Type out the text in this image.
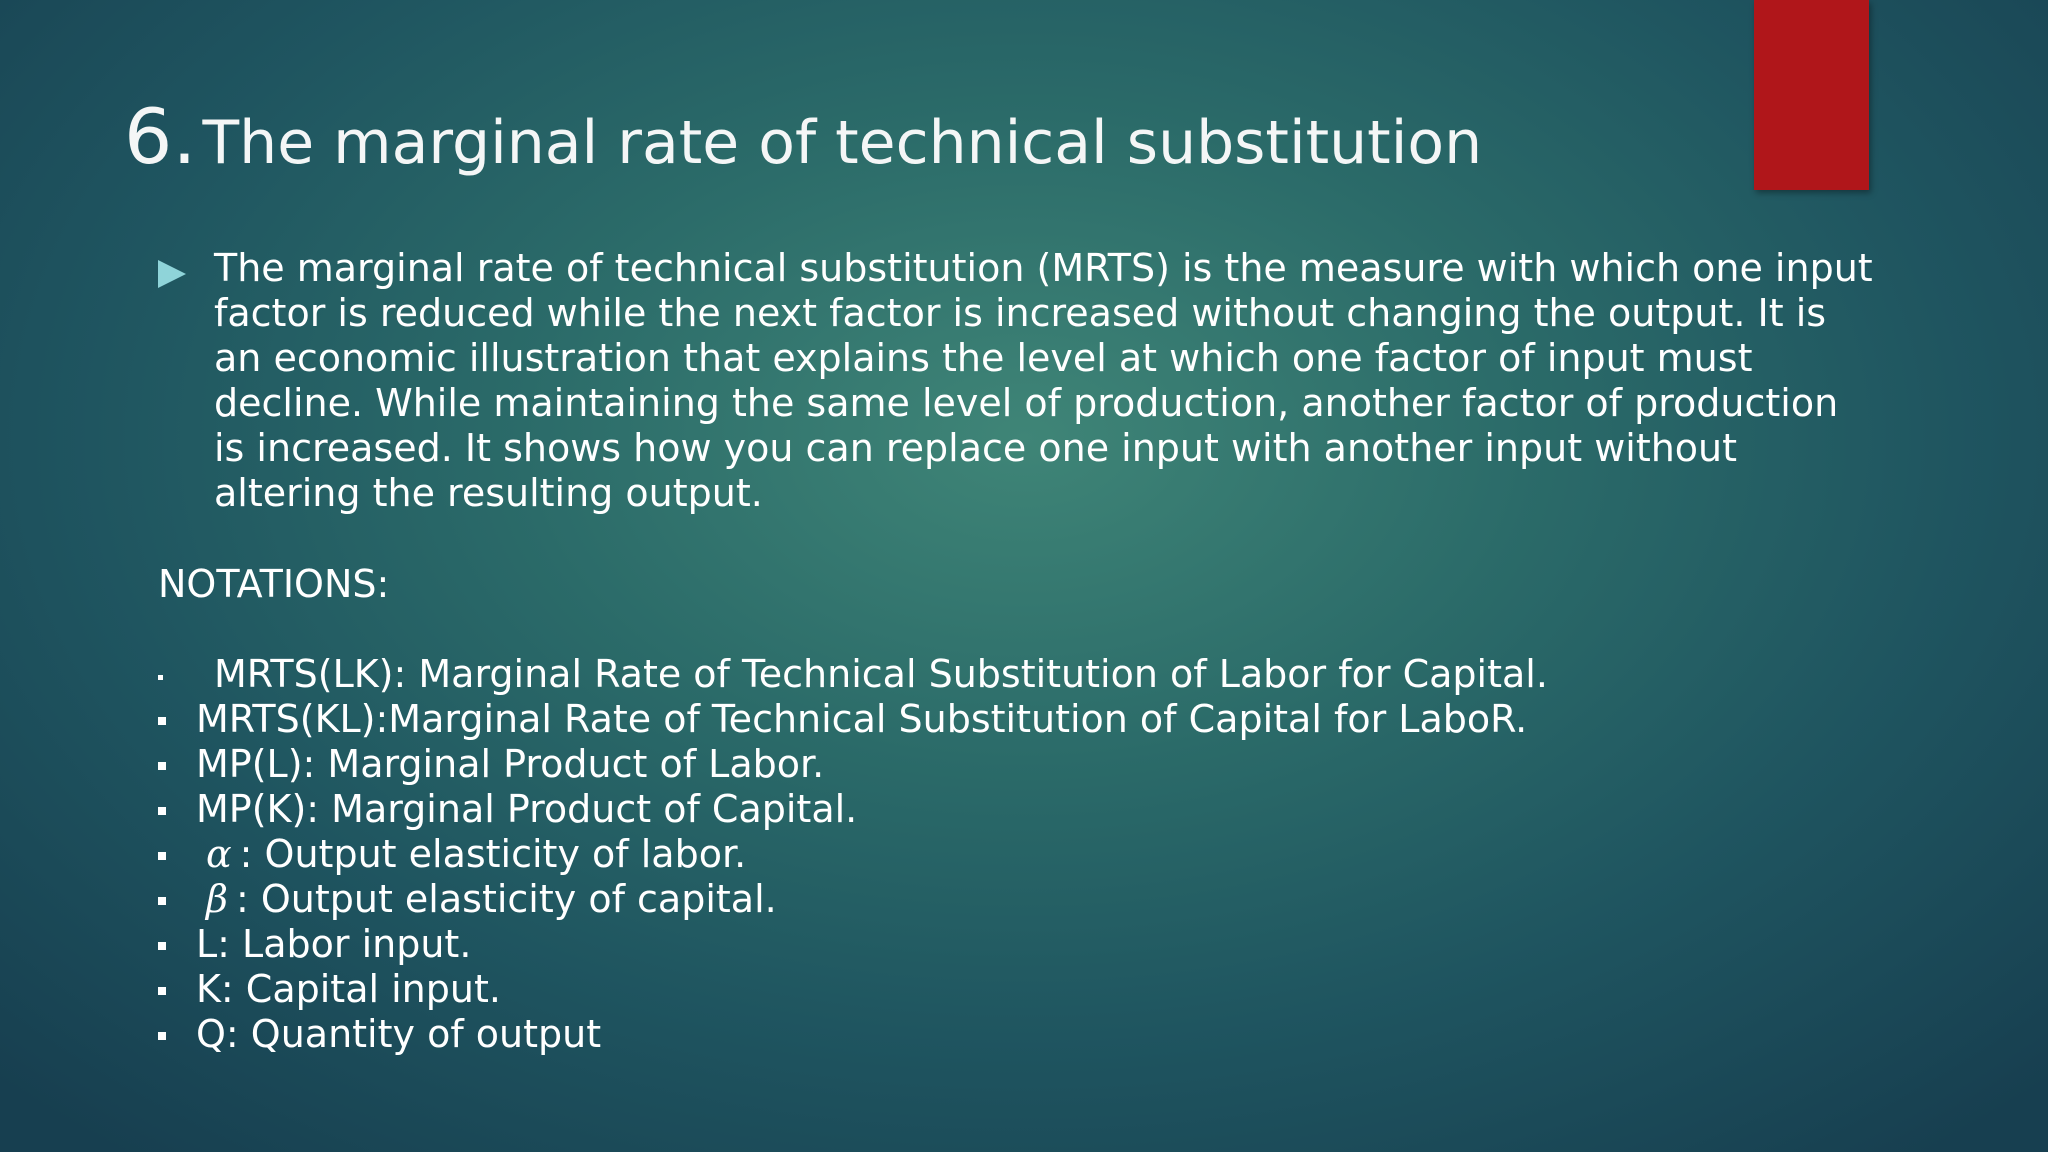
6. The marginal rate of technical substitution
The marginal rate of technical substitution (MRTS) is the measure with which one input factor is reduced while the next factor is increased without changing the output. It is an economic illustration that explains the level at which one factor of input must decline. While maintaining the same level of production, another factor of production is increased. It shows how you can replace one input with another input without altering the resulting output.
NOTATIONS:
MRTS(LK): Marginal Rate of Technical Substitution of Labor for Capital.
MRTS(KL):Marginal Rate of Technical Substitution of Capital for LaboR.
MP(L): Marginal Product of Labor.
MP(K): Marginal Product of Capital.
α : Output elasticity of labor.
β : Output elasticity of capital.
L: Labor input.
K: Capital input.
Q: Quantity of output
